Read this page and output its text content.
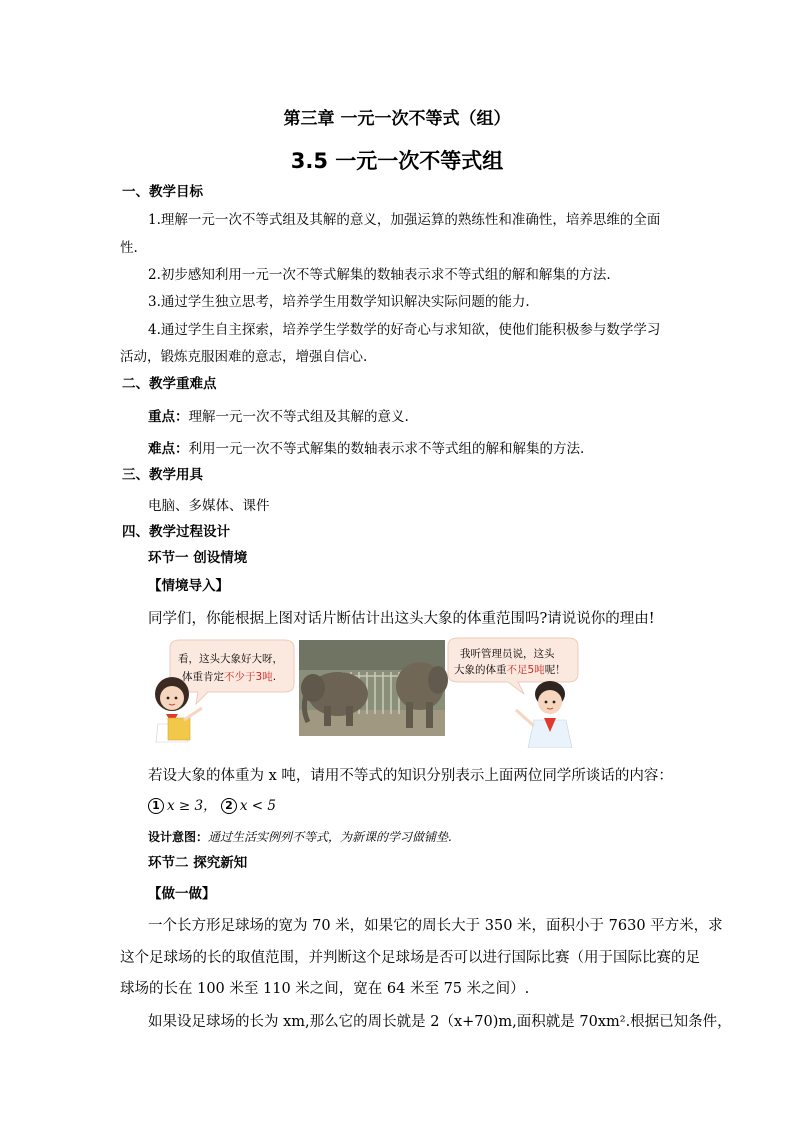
第三章 一元一次不等式（组）
3.5 一元一次不等式组
一、教学目标
1.理解一元一次不等式组及其解的意义，加强运算的熟练性和准确性，培养思维的全面
性.
2.初步感知利用一元一次不等式解集的数轴表示求不等式组的解和解集的方法.
3.通过学生独立思考，培养学生用数学知识解决实际问题的能力.
4.通过学生自主探索，培养学生学数学的好奇心与求知欲，使他们能积极参与数学学习
活动，锻炼克服困难的意志，增强自信心.
二、教学重难点
重点：理解一元一次不等式组及其解的意义.
难点：利用一元一次不等式解集的数轴表示求不等式组的解和解集的方法.
三、教学用具
电脑、多媒体、课件
四、教学过程设计
环节一 创设情境
【情境导入】
同学们，你能根据上图对话片断估计出这头大象的体重范围吗?请说说你的理由!
看，这头大象好大呀，
体重肯定不少于3吨.
我听管理员说，这头
大象的体重不足5吨呢！
若设大象的体重为 x 吨，请用不等式的知识分别表示上面两位同学所谈话的内容：
1 x ≥ 3， 2 x < 5
设计意图：通过生活实例列不等式，为新课的学习做铺垫.
环节二 探究新知
【做一做】
一个长方形足球场的宽为 70 米，如果它的周长大于 350 米，面积小于 7630 平方米，求
这个足球场的长的取值范围，并判断这个足球场是否可以进行国际比赛（用于国际比赛的足
球场的长在 100 米至 110 米之间，宽在 64 米至 75 米之间）.
如果设足球场的长为 xm,那么它的周长就是 2（x+70)m,面积就是 70xm².根据已知条件，
